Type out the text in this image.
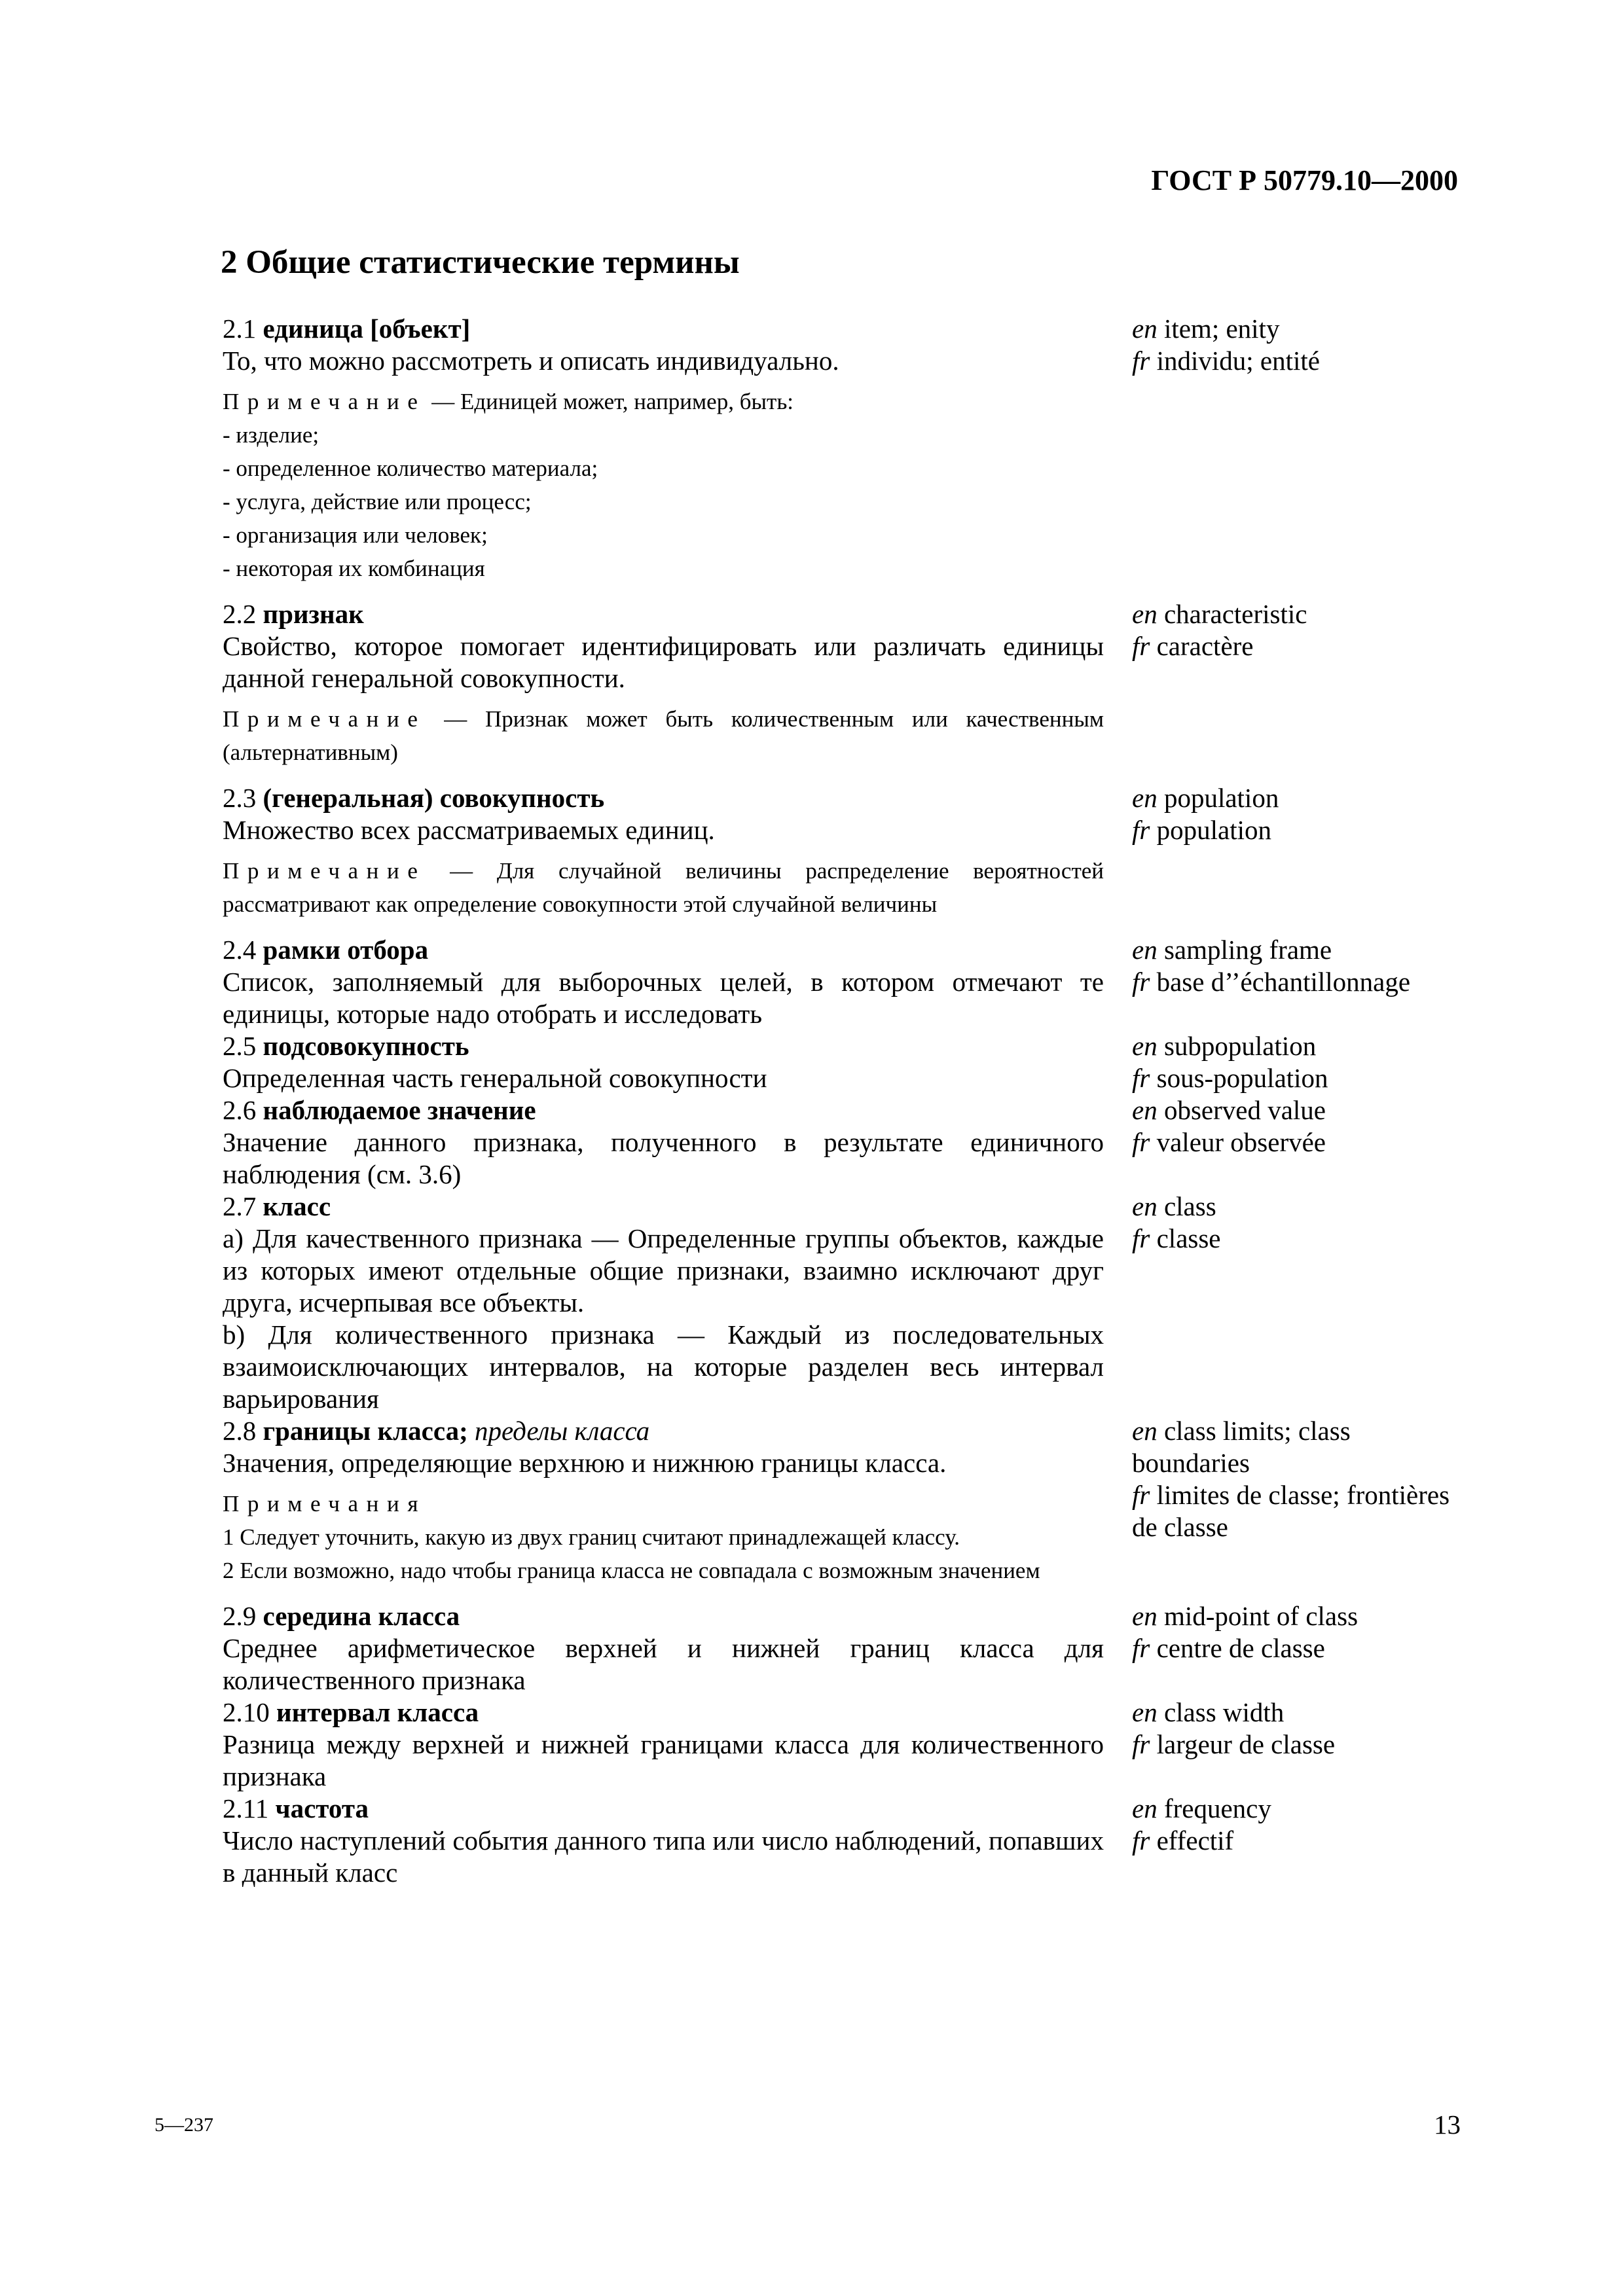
ГОСТ Р 50779.10—2000
2 Общие статистические термины
2.1 единица [объект]
То, что можно рассмотреть и описать индивидуально.
Примечание — Единицей может, например, быть:
- изделие;
- определенное количество материала;
- услуга, действие или процесс;
- организация или человек;
- некоторая их комбинация
en item; enity
fr individu; entité
2.2 признак
Свойство, которое помогает идентифицировать или различать единицы данной генеральной совокупности.
Примечание — Признак может быть количественным или качественным (альтернативным)
en characteristic
fr caractère
2.3 (генеральная) совокупность
Множество всех рассматриваемых единиц.
Примечание — Для случайной величины распределение вероятностей рассматривают как определение совокупности этой случайной величины
en population
fr population
2.4 рамки отбора
Список, заполняемый для выборочных целей, в котором отмечают те единицы, которые надо отобрать и исследовать
en sampling frame
fr base d’’échantillonnage
2.5 подсовокупность
Определенная часть генеральной совокупности
en subpopulation
fr sous-population
2.6 наблюдаемое значение
Значение данного признака, полученного в результате единичного наблюдения (см. 3.6)
en observed value
fr valeur observée
2.7 класс
a) Для качественного признака — Определенные группы объектов, каждые из которых имеют отдельные общие признаки, взаимно исключают друг друга, исчерпывая все объекты.
b) Для количественного признака — Каждый из последовательных взаимоисключающих интервалов, на которые разделен весь интервал варьирования
en class
fr classe
2.8 границы класса; пределы класса
Значения, определяющие верхнюю и нижнюю границы класса.
Примечания
1 Следует уточнить, какую из двух границ считают принадлежащей классу.
2 Если возможно, надо чтобы граница класса не совпадала с возможным значением
en class limits; class boundaries
fr limites de classe; frontières de classe
2.9 середина класса
Среднее арифметическое верхней и нижней границ класса для количественного признака
en mid-point of class
fr centre de classe
2.10 интервал класса
Разница между верхней и нижней границами класса для количественного признака
en class width
fr largeur de classe
2.11 частота
Число наступлений события данного типа или число наблюдений, попавших в данный класс
en frequency
fr effectif
5—237	13
